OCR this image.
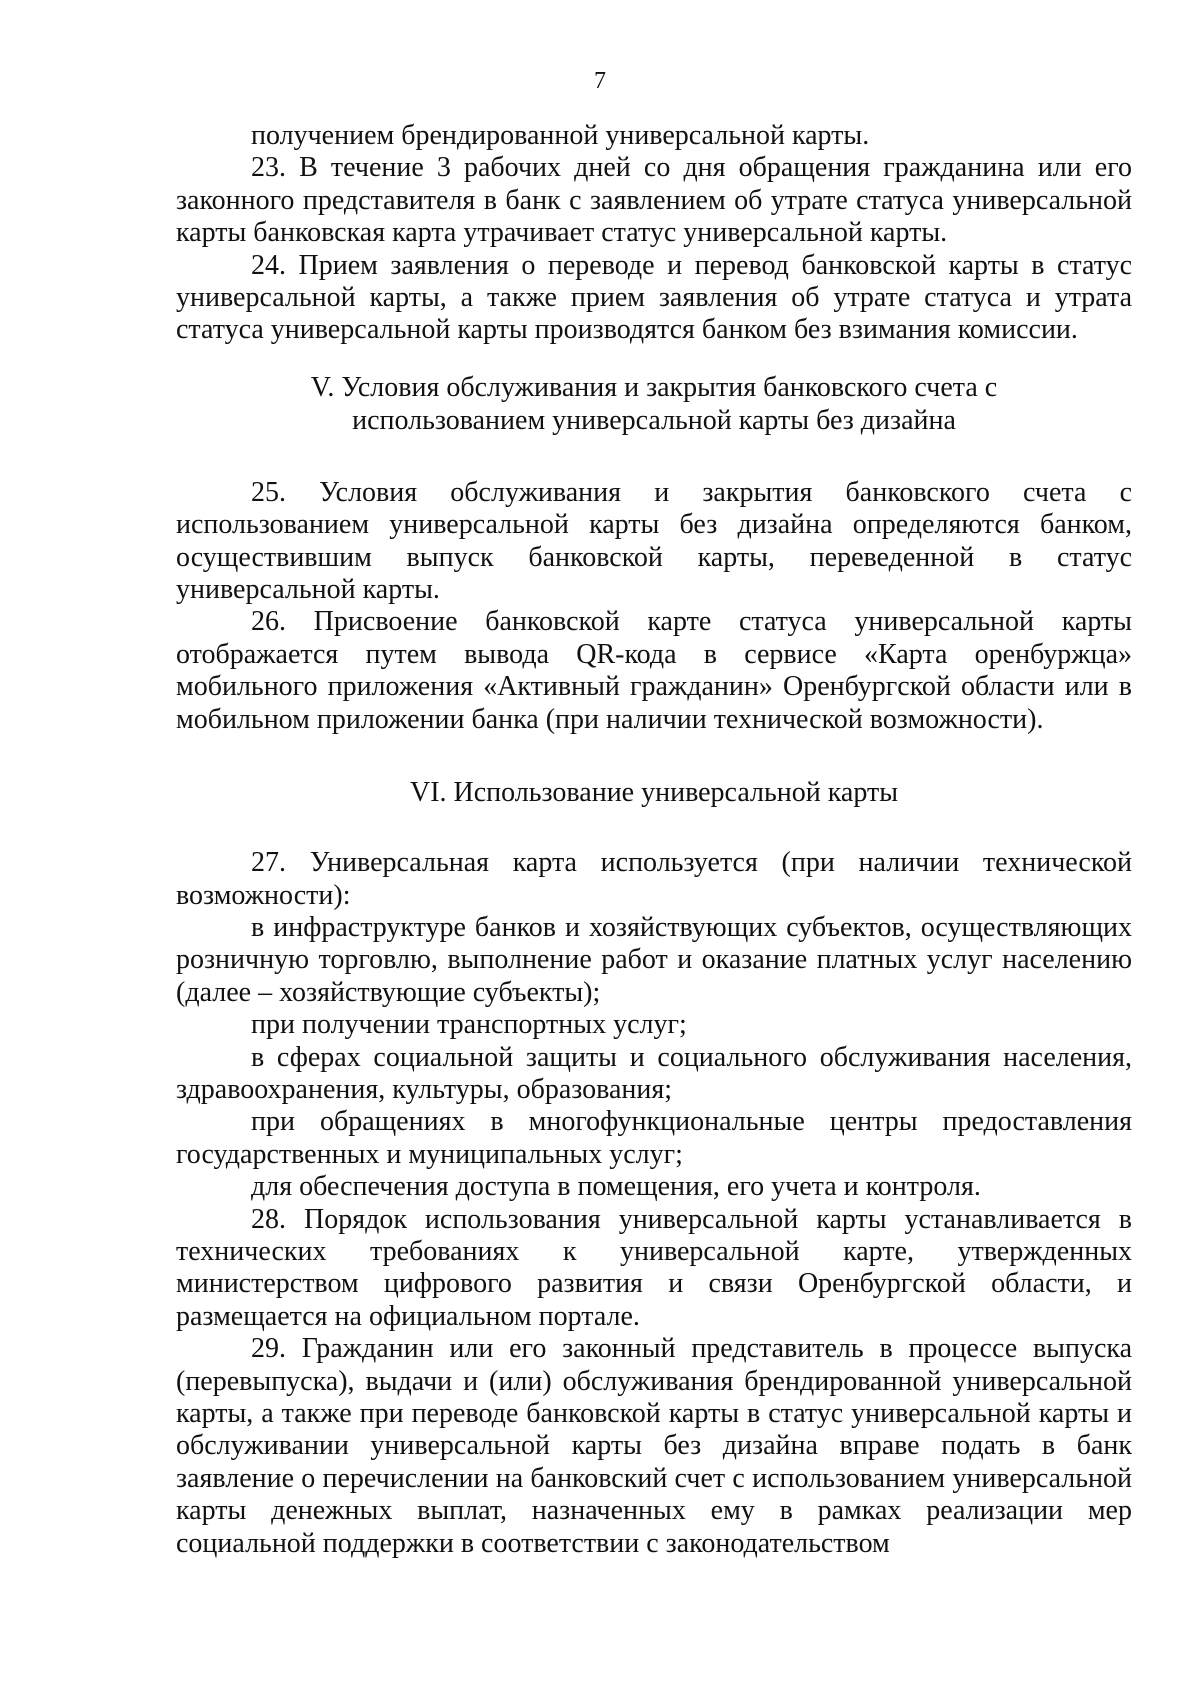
7

получением брендированной универсальной карты.

23. В течение 3 рабочих дней со дня обращения гражданина или его законного представителя в банк с заявлением об утрате статуса универсальной карты банковская карта утрачивает статус универсальной карты.

24. Прием заявления о переводе и перевод банковской карты в статус универсальной карты, а также прием заявления об утрате статуса и утрата статуса универсальной карты производятся банком без взимания комиссии.

V. Условия обслуживания и закрытия банковского счета с
использованием универсальной карты без дизайна

25. Условия обслуживания и закрытия банковского счета с использованием универсальной карты без дизайна определяются банком, осуществившим выпуск банковской карты, переведенной в статус универсальной карты.

26. Присвоение банковской карте статуса универсальной карты отображается путем вывода QR-кода в сервисе «Карта оренбуржца» мобильного приложения «Активный гражданин» Оренбургской области или в мобильном приложении банка (при наличии технической возможности).

VI. Использование универсальной карты

27. Универсальная карта используется (при наличии технической возможности):

в инфраструктуре банков и хозяйствующих субъектов, осуществляющих розничную торговлю, выполнение работ и оказание платных услуг населению (далее – хозяйствующие субъекты);

при получении транспортных услуг;

в сферах социальной защиты и социального обслуживания населения, здравоохранения, культуры, образования;

при обращениях в многофункциональные центры предоставления государственных и муниципальных услуг;

для обеспечения доступа в помещения, его учета и контроля.

28. Порядок использования универсальной карты устанавливается в технических требованиях к универсальной карте, утвержденных министерством цифрового развития и связи Оренбургской области, и размещается на официальном портале.

29. Гражданин или его законный представитель в процессе выпуска (перевыпуска), выдачи и (или) обслуживания брендированной универсальной карты, а также при переводе банковской карты в статус универсальной карты и обслуживании универсальной карты без дизайна вправе подать в банк заявление о перечислении на банковский счет с использованием универсальной карты денежных выплат, назначенных ему в рамках реализации мер социальной поддержки в соответствии с законодательством
